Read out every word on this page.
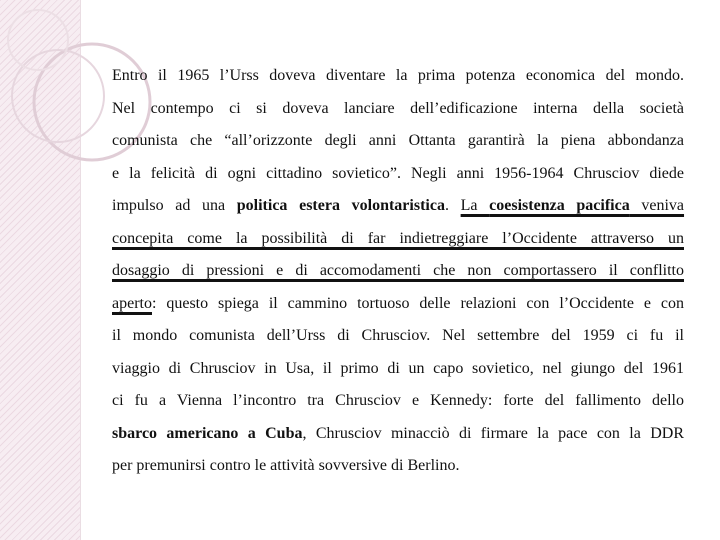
Entro il 1965 l’Urss doveva diventare la prima potenza economica del mondo.
Nel contempo ci si doveva lanciare dell’edificazione interna della società
comunista che “all’orizzonte degli anni Ottanta garantirà la piena abbondanza
e la felicità di ogni cittadino sovietico”. Negli anni 1956-1964 Chrusciov diede
impulso ad una politica estera volontaristica. La coesistenza pacifica veniva
concepita come la possibilità di far indietreggiare l’Occidente attraverso un
dosaggio di pressioni e di accomodamenti che non comportassero il conflitto
aperto: questo spiega il cammino tortuoso delle relazioni con l’Occidente e con
il mondo comunista dell’Urss di Chrusciov. Nel settembre del 1959 ci fu il
viaggio di Chrusciov in Usa, il primo di un capo sovietico, nel giungo del 1961
ci fu a Vienna l’incontro tra Chrusciov e Kennedy: forte del fallimento dello
sbarco americano a Cuba, Chrusciov minacciò di firmare la pace con la DDR
per premunirsi contro le attività sovversive di Berlino.
